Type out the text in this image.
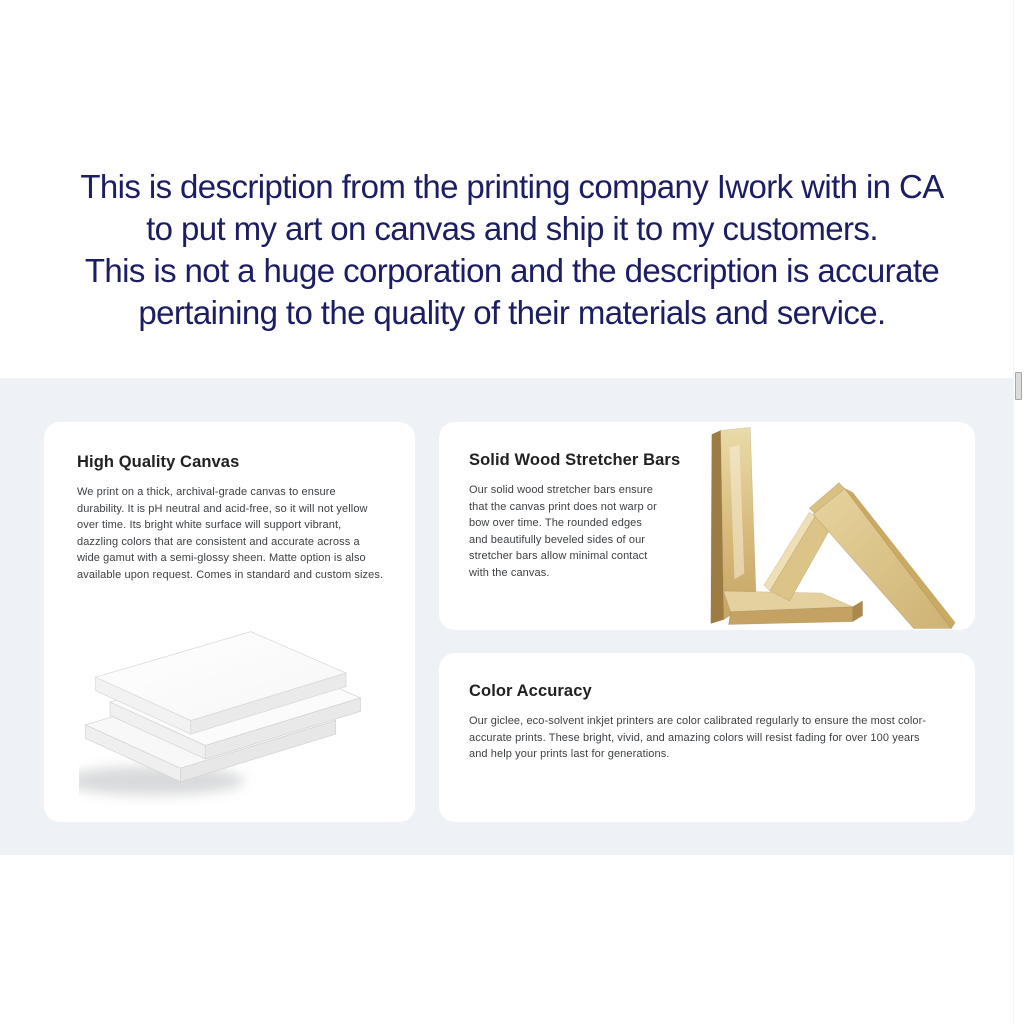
This is description from the printing company Iwork with in CA
to put my art on canvas and ship it to my customers.
This is not a huge corporation and the description is accurate
pertaining to the quality of their materials and service.
High Quality Canvas
We print on a thick, archival-grade canvas to ensure durability. It is pH neutral and acid-free, so it will not yellow over time. Its bright white surface will support vibrant, dazzling colors that are consistent and accurate across a wide gamut with a semi-glossy sheen. Matte option is also available upon request. Comes in standard and custom sizes.
Solid Wood Stretcher Bars
Our solid wood stretcher bars ensure that the canvas print does not warp or bow over time. The rounded edges and beautifully beveled sides of our stretcher bars allow minimal contact with the canvas.
Color Accuracy
Our giclee, eco-solvent inkjet printers are color calibrated regularly to ensure the most color-accurate prints. These bright, vivid, and amazing colors will resist fading for over 100 years and help your prints last for generations.
